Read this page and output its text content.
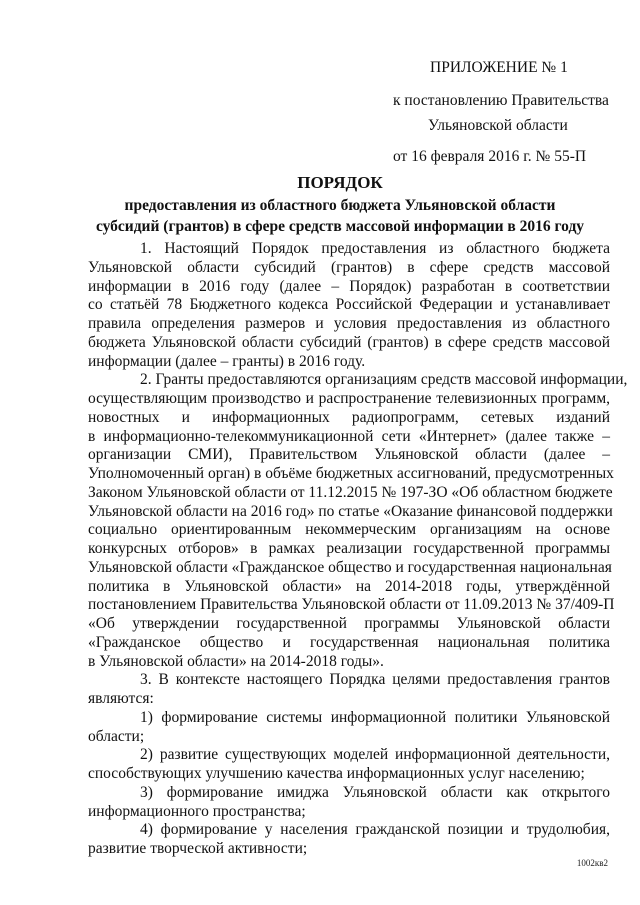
ПРИЛОЖЕНИЕ № 1
к постановлению Правительства
Ульяновской области
от 16 февраля 2016 г. № 55-П
ПОРЯДОК
предоставления из областного бюджета Ульяновской области
субсидий (грантов) в сфере средств массовой информации в 2016 году

1. Настоящий Порядок предоставления из областного бюджета
Ульяновской области субсидий (грантов) в сфере средств массовой
информации в 2016 году (далее – Порядок) разработан в соответствии
со статьёй 78 Бюджетного кодекса Российской Федерации и устанавливает
правила определения размеров и условия предоставления из областного
бюджета Ульяновской области субсидий (грантов) в сфере средств массовой
информации (далее – гранты) в 2016 году.

2. Гранты предоставляются организациям средств массовой информации,
осуществляющим производство и распространение телевизионных программ,
новостных и информационных радиопрограмм, сетевых изданий
в информационно-телекоммуникационной сети «Интернет» (далее также –
организации СМИ), Правительством Ульяновской области (далее –
Уполномоченный орган) в объёме бюджетных ассигнований, предусмотренных
Законом Ульяновской области от 11.12.2015 № 197-ЗО «Об областном бюджете
Ульяновской области на 2016 год» по статье «Оказание финансовой поддержки
социально ориентированным некоммерческим организациям на основе
конкурсных отборов» в рамках реализации государственной программы
Ульяновской области «Гражданское общество и государственная национальная
политика в Ульяновской области» на 2014-2018 годы, утверждённой
постановлением Правительства Ульяновской области от 11.09.2013 № 37/409-П
«Об утверждении государственной программы Ульяновской области
«Гражданское общество и государственная национальная политика
в Ульяновской области» на 2014-2018 годы».

3. В контексте настоящего Порядка целями предоставления грантов
являются:

1) формирование системы информационной политики Ульяновской
области;

2) развитие существующих моделей информационной деятельности,
способствующих улучшению качества информационных услуг населению;

3) формирование имиджа Ульяновской области как открытого
информационного пространства;

4) формирование у населения гражданской позиции и трудолюбия,
развитие творческой активности;

1002кв2
